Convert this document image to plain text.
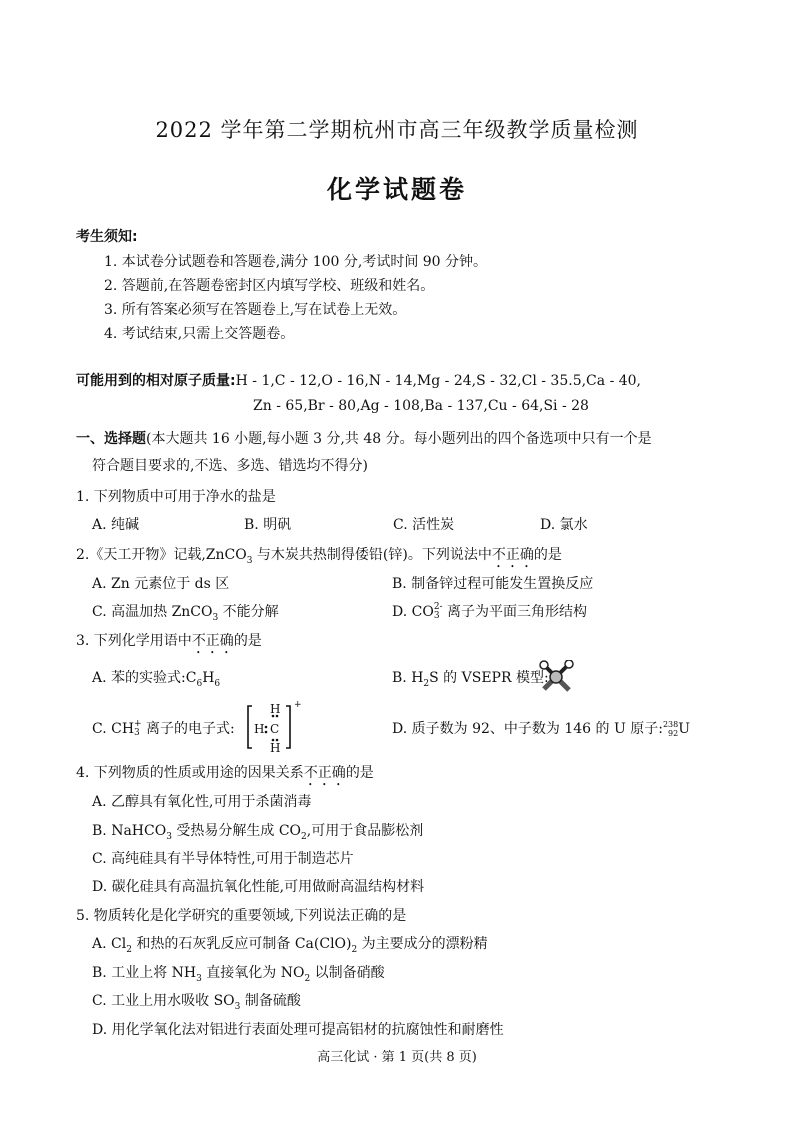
2022 学年第二学期杭州市高三年级教学质量检测
化学试题卷
考生须知:
1. 本试卷分试题卷和答题卷,满分 100 分,考试时间 90 分钟。
2. 答题前,在答题卷密封区内填写学校、班级和姓名。
3. 所有答案必须写在答题卷上,写在试卷上无效。
4. 考试结束,只需上交答题卷。
可能用到的相对原子质量:H - 1,C - 12,O - 16,N - 14,Mg - 24,S - 32,Cl - 35.5,Ca - 40,
Zn - 65,Br - 80,Ag - 108,Ba - 137,Cu - 64,Si - 28
一、选择题(本大题共 16 小题,每小题 3 分,共 48 分。每小题列出的四个备选项中只有一个是
符合题目要求的,不选、多选、错选均不得分)
1. 下列物质中可用于净水的盐是
A. 纯碱	B. 明矾	C. 活性炭	D. 氯水
2.《天工开物》记载,ZnCO$_3$ 与木炭共热制得倭铅(锌)。下列说法中不正确的是
A. Zn 元素位于 ds 区	B. 制备锌过程可能发生置换反应
C. 高温加热 ZnCO$_3$ 不能分解	D. CO 2-
3 离子为平面三角形结构
3. 下列化学用语中不正确的是
A. 苯的实验式$:C_6H_6$	B. $H_2S$ 的 VSEPR 模型:
C. CH +
3 离子的电子式:
H
H C
H
+
D. 质子数为 92、中子数为 146 的 U 原子: 238
92 U
4. 下列物质的性质或用途的因果关系不正确的是
A. 乙醇具有氧化性,可用于杀菌消毒
B. NaHCO$_3$ 受热易分解生成 $CO_2$,可用于食品膨松剂
C. 高纯硅具有半导体特性,可用于制造芯片
D. 碳化硅具有高温抗氧化性能,可用做耐高温结构材料
5. 物质转化是化学研究的重要领域,下列说法正确的是
A. $Cl_2$ 和热的石灰乳反应可制备 $Ca(ClO)_2$ 为主要成分的漂粉精
B. 工业上将 $NH_3$ 直接氧化为 $NO_2$ 以制备硝酸
C. 工业上用水吸收 $SO_3$ 制备硫酸
D. 用化学氧化法对铝进行表面处理可提高铝材的抗腐蚀性和耐磨性
高三化试 · 第 1 页(共 8 页)
